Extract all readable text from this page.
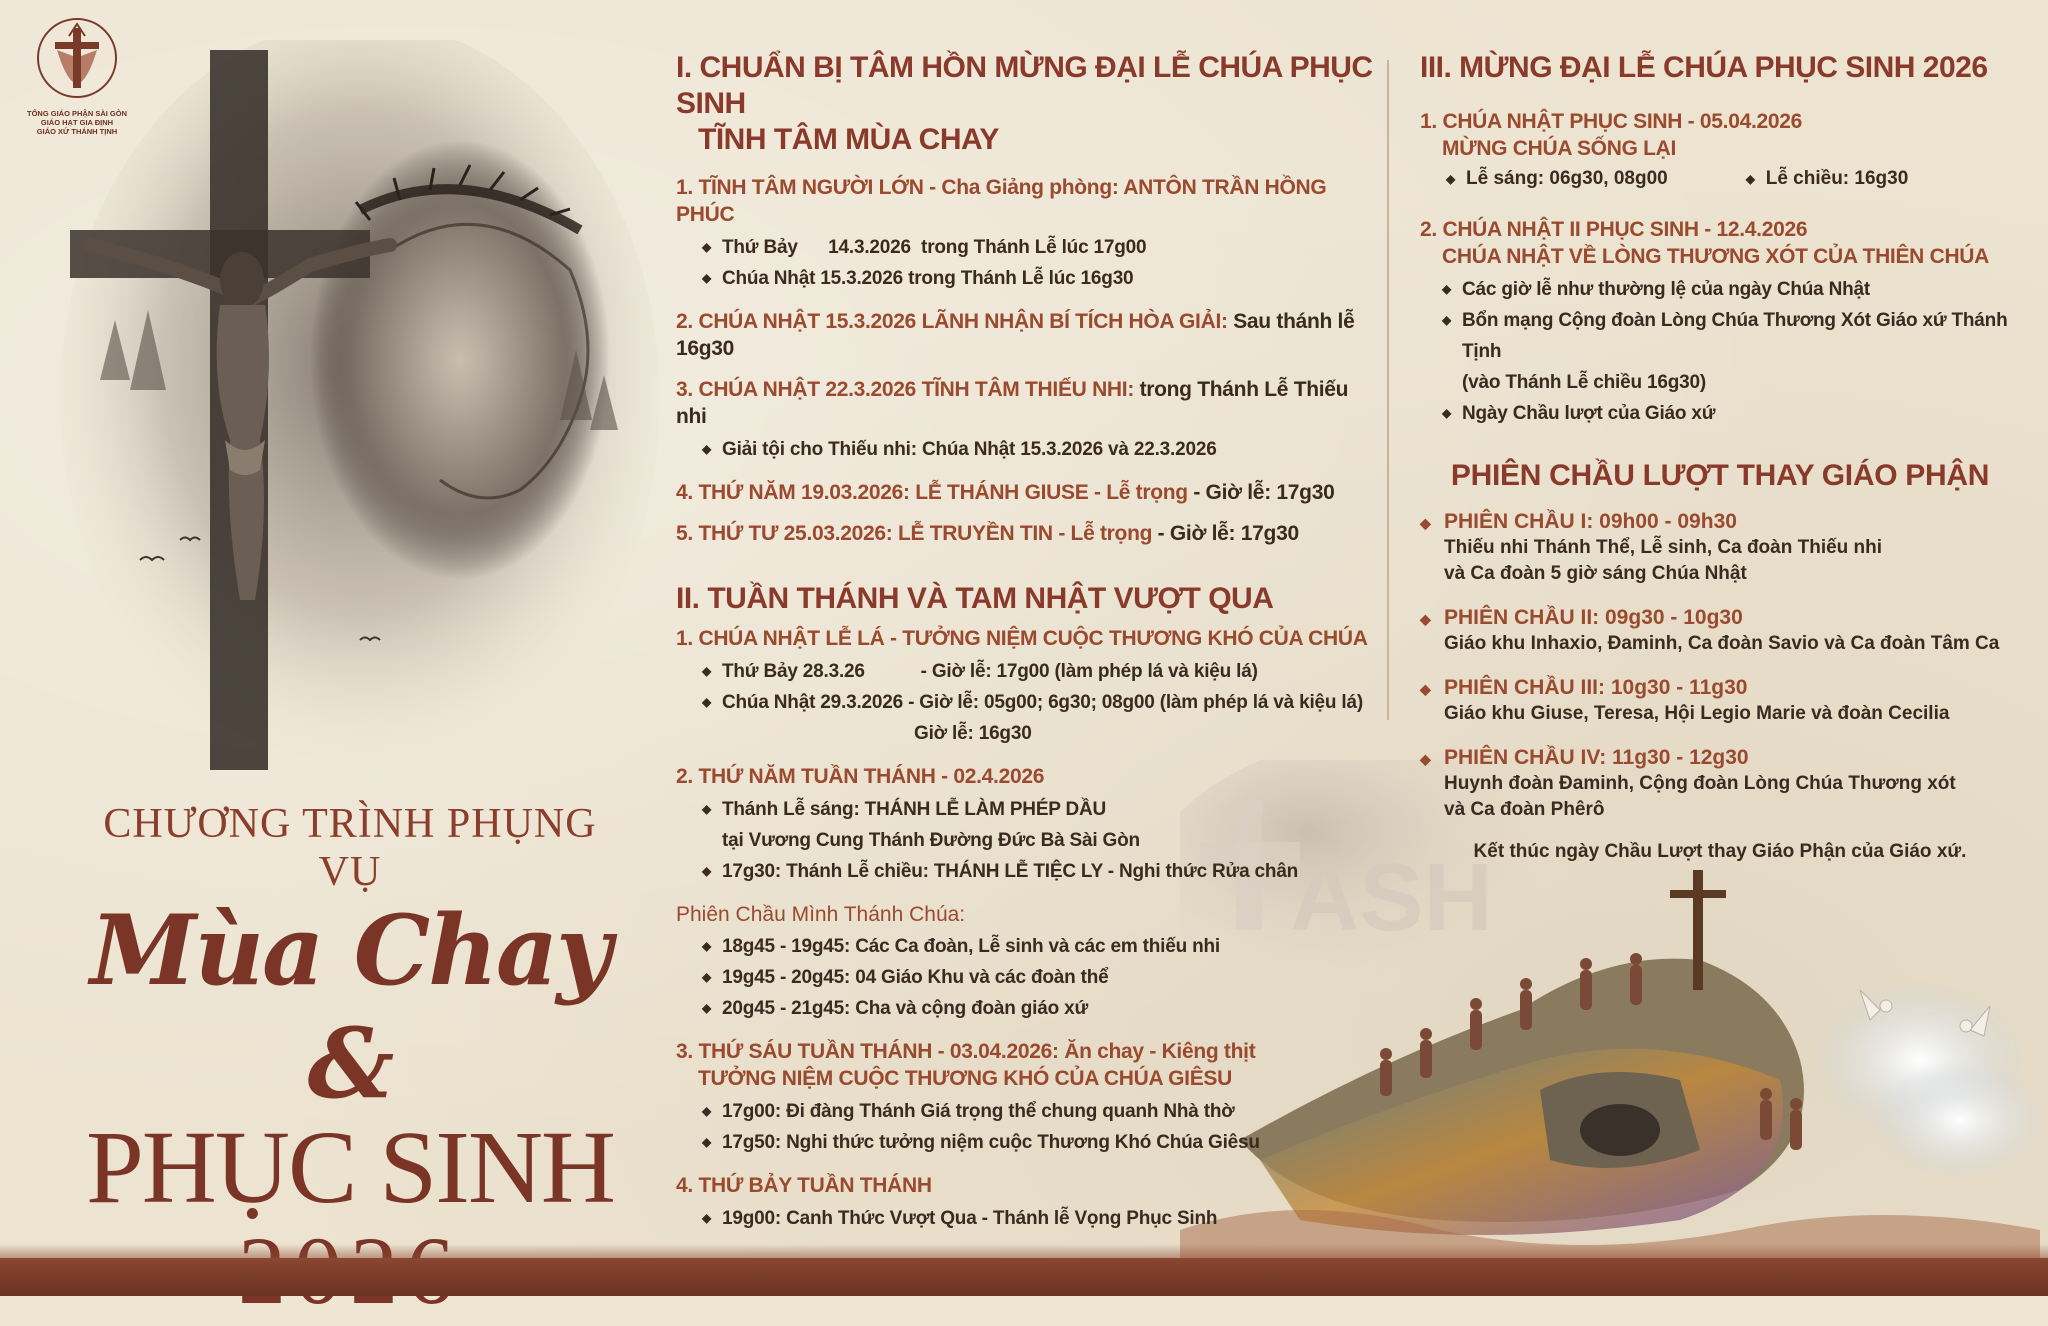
TỔNG GIÁO PHẬN SÀI GÒN
GIÁO HẠT GIA ĐỊNH
GIÁO XỨ THÁNH TỊNH
CHƯƠNG TRÌNH PHỤNG VỤ
Mùa Chay &
PHỤC SINH
ASH
I. CHUẨN BỊ TÂM HỒN MỪNG ĐẠI LỄ CHÚA PHỤC SINH
TĨNH TÂM MÙA CHAY
1. TĨNH TÂM NGƯỜI LỚN - Cha Giảng phòng: ANTÔN TRẦN HỒNG PHÚC
◆ Thứ Bảy      14.3.2026  trong Thánh Lễ lúc 17g00
◆ Chúa Nhật 15.3.2026 trong Thánh Lễ lúc 16g30
2. CHÚA NHẬT 15.3.2026 LÃNH NHẬN BÍ TÍCH HÒA GIẢI: Sau thánh lễ 16g30
3. CHÚA NHẬT 22.3.2026 TĨNH TÂM THIẾU NHI: trong Thánh Lễ Thiếu nhi
◆ Giải tội cho Thiếu nhi: Chúa Nhật 15.3.2026 và 22.3.2026
4. THỨ NĂM 19.03.2026: LỄ THÁNH GIUSE - Lễ trọng - Giờ lễ: 17g30
5. THỨ TƯ 25.03.2026: LỄ TRUYỀN TIN - Lễ trọng - Giờ lễ: 17g30
II. TUẦN THÁNH VÀ TAM NHẬT VƯỢT QUA
1. CHÚA NHẬT LỄ LÁ - TƯỞNG NIỆM CUỘC THƯƠNG KHÓ CỦA CHÚA
◆ Thứ Bảy 28.3.26           - Giờ lễ: 17g00 (làm phép lá và kiệu lá)
◆ Chúa Nhật 29.3.2026 - Giờ lễ: 05g00; 6g30; 08g00 (làm phép lá và kiệu lá)
Giờ lễ: 16g30
2. THỨ NĂM TUẦN THÁNH - 02.4.2026
◆ Thánh Lễ sáng: THÁNH LỄ LÀM PHÉP DẦU
tại Vương Cung Thánh Đường Đức Bà Sài Gòn
◆ 17g30: Thánh Lễ chiều: THÁNH LỄ TIỆC LY - Nghi thức Rửa chân
Phiên Chầu Mình Thánh Chúa:
◆ 18g45 - 19g45: Các Ca đoàn, Lễ sinh và các em thiếu nhi
◆ 19g45 - 20g45: 04 Giáo Khu và các đoàn thể
◆ 20g45 - 21g45: Cha và cộng đoàn giáo xứ
3. THỨ SÁU TUẦN THÁNH - 03.04.2026: Ăn chay - Kiêng thịt
TƯỞNG NIỆM CUỘC THƯƠNG KHÓ CỦA CHÚA GIÊSU
◆ 17g00: Đi đàng Thánh Giá trọng thể chung quanh Nhà thờ
◆ 17g50: Nghi thức tưởng niệm cuộc Thương Khó Chúa Giêsu
4. THỨ BẢY TUẦN THÁNH
◆ 19g00: Canh Thức Vượt Qua - Thánh lễ Vọng Phục Sinh
III. MỪNG ĐẠI LỄ CHÚA PHỤC SINH 2026
1. CHÚA NHẬT PHỤC SINH - 05.04.2026
MỪNG CHÚA SỐNG LẠI
◆ Lễ sáng: 06g30, 08g00
◆	Lễ chiều: 16g30
2. CHÚA NHẬT II PHỤC SINH - 12.4.2026
CHÚA NHẬT VỀ LÒNG THƯƠNG XÓT CỦA THIÊN CHÚA
◆ Các giờ lễ như thường lệ của ngày Chúa Nhật
◆ Bổn mạng Cộng đoàn Lòng Chúa Thương Xót Giáo xứ Thánh Tịnh
(vào Thánh Lễ chiều 16g30)
◆ Ngày Chầu lượt của Giáo xứ
PHIÊN CHẦU LƯỢT THAY GIÁO PHẬN
◆ PHIÊN CHẦU I: 09h00 - 09h30
Thiếu nhi Thánh Thể, Lễ sinh, Ca đoàn Thiếu nhi
và Ca đoàn 5 giờ sáng Chúa Nhật
◆ PHIÊN CHẦU II: 09g30 - 10g30
Giáo khu Inhaxio, Đaminh, Ca đoàn Savio và Ca đoàn Tâm Ca
◆ PHIÊN CHẦU III: 10g30 - 11g30
Giáo khu Giuse, Teresa, Hội Legio Marie và đoàn Cecilia
◆ PHIÊN CHẦU IV: 11g30 - 12g30
Huynh đoàn Đaminh, Cộng đoàn Lòng Chúa Thương xót
và Ca đoàn Phêrô
Kết thúc ngày Chầu Lượt thay Giáo Phận của Giáo xứ.
